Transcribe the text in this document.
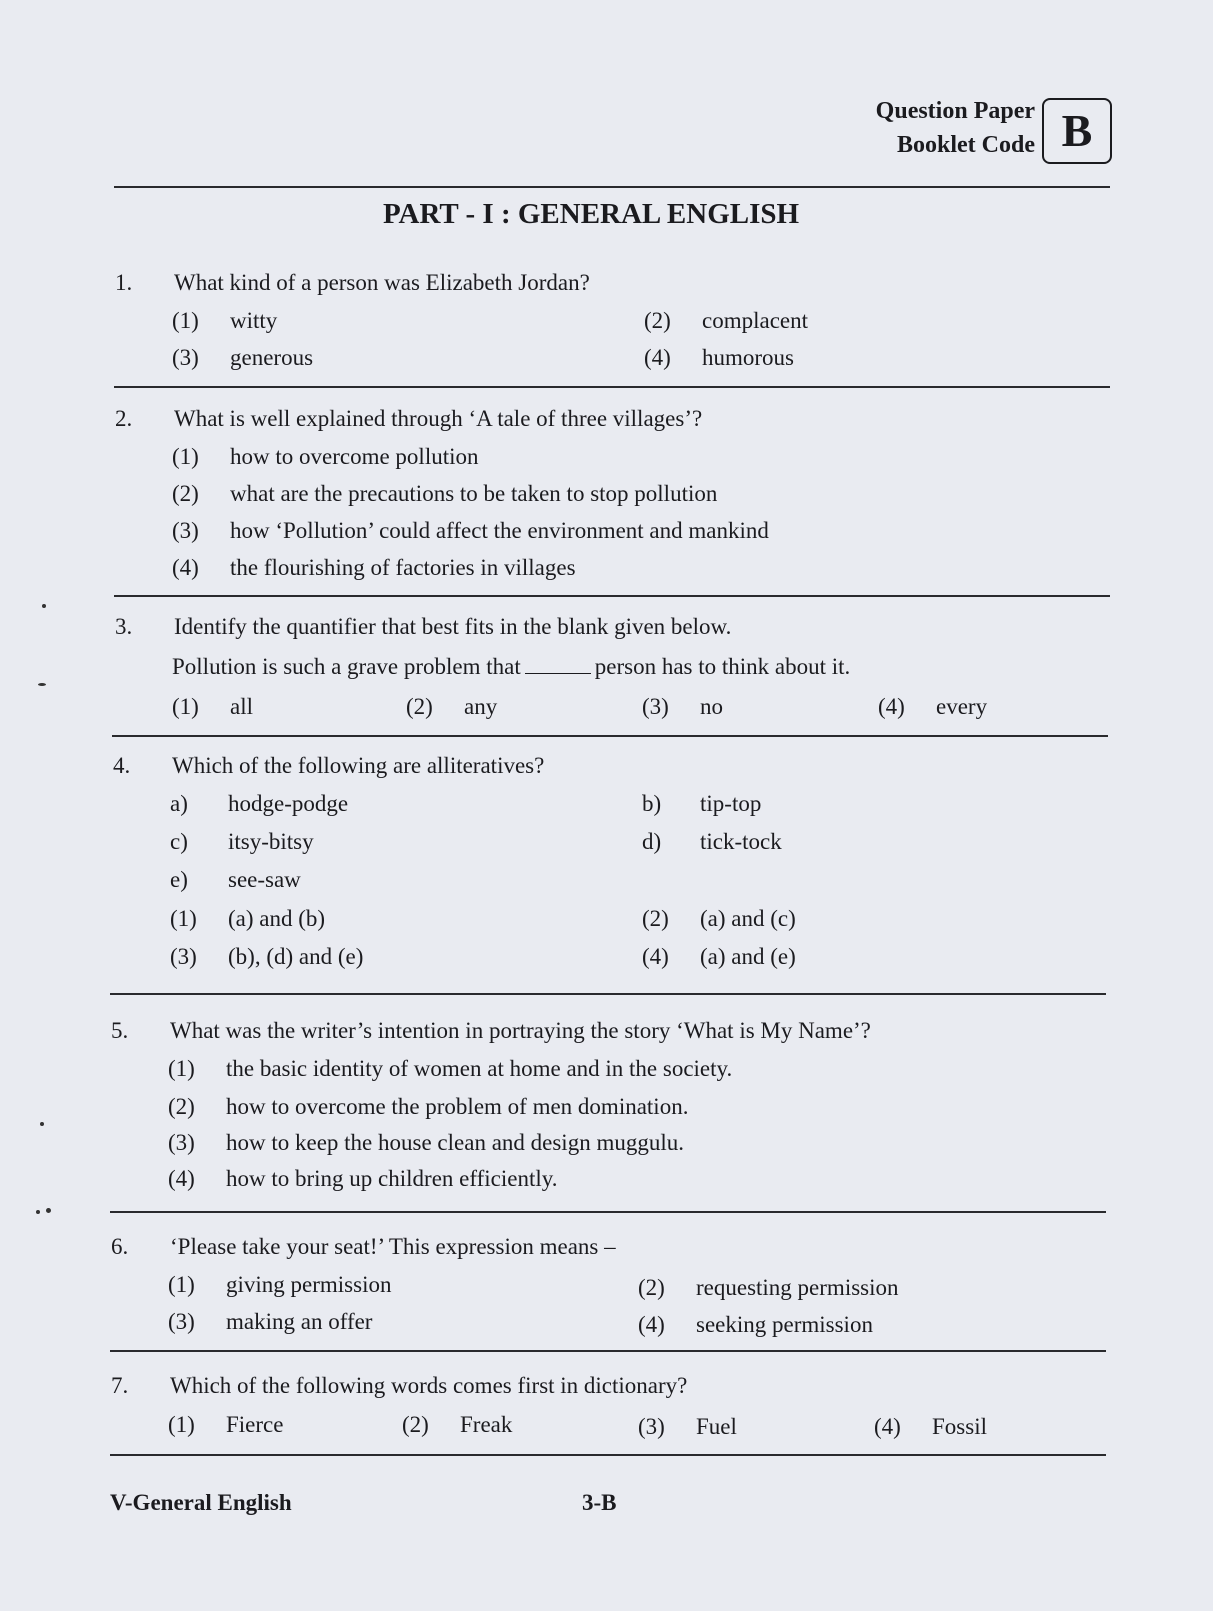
Question Paper
Booklet Code B
PART - I : GENERAL ENGLISH
1. What kind of a person was Elizabeth Jordan?
(1) witty	(2) complacent
(3) generous	(4) humorous
2. What is well explained through ‘A tale of three villages’?
(1) how to overcome pollution
(2) what are the precautions to be taken to stop pollution
(3) how ‘Pollution’ could affect the environment and mankind
(4) the flourishing of factories in villages
3. Identify the quantifier that best fits in the blank given below.
Pollution is such a grave problem that	person has to think about it.
(1) all	(2) any	(3) no	(4) every
4. Which of the following are alliteratives?
a) hodge-podge	b) tip-top
c) itsy-bitsy	d) tick-tock
e) see-saw
(1) (a) and (b)	(2) (a) and (c)
(3) (b), (d) and (e)	(4) (a) and (e)
5. What was the writer’s intention in portraying the story ‘What is My Name’?
(1) the basic identity of women at home and in the society.
(2) how to overcome the problem of men domination.
(3) how to keep the house clean and design muggulu.
(4) how to bring up children efficiently.
6. ‘Please take your seat!’ This expression means –
(1) giving permission	(2) requesting permission
(3) making an offer	(4) seeking permission
7. Which of the following words comes first in dictionary?
(1) Fierce	(2) Freak	(3) Fuel	(4) Fossil
V-General English	3-B
